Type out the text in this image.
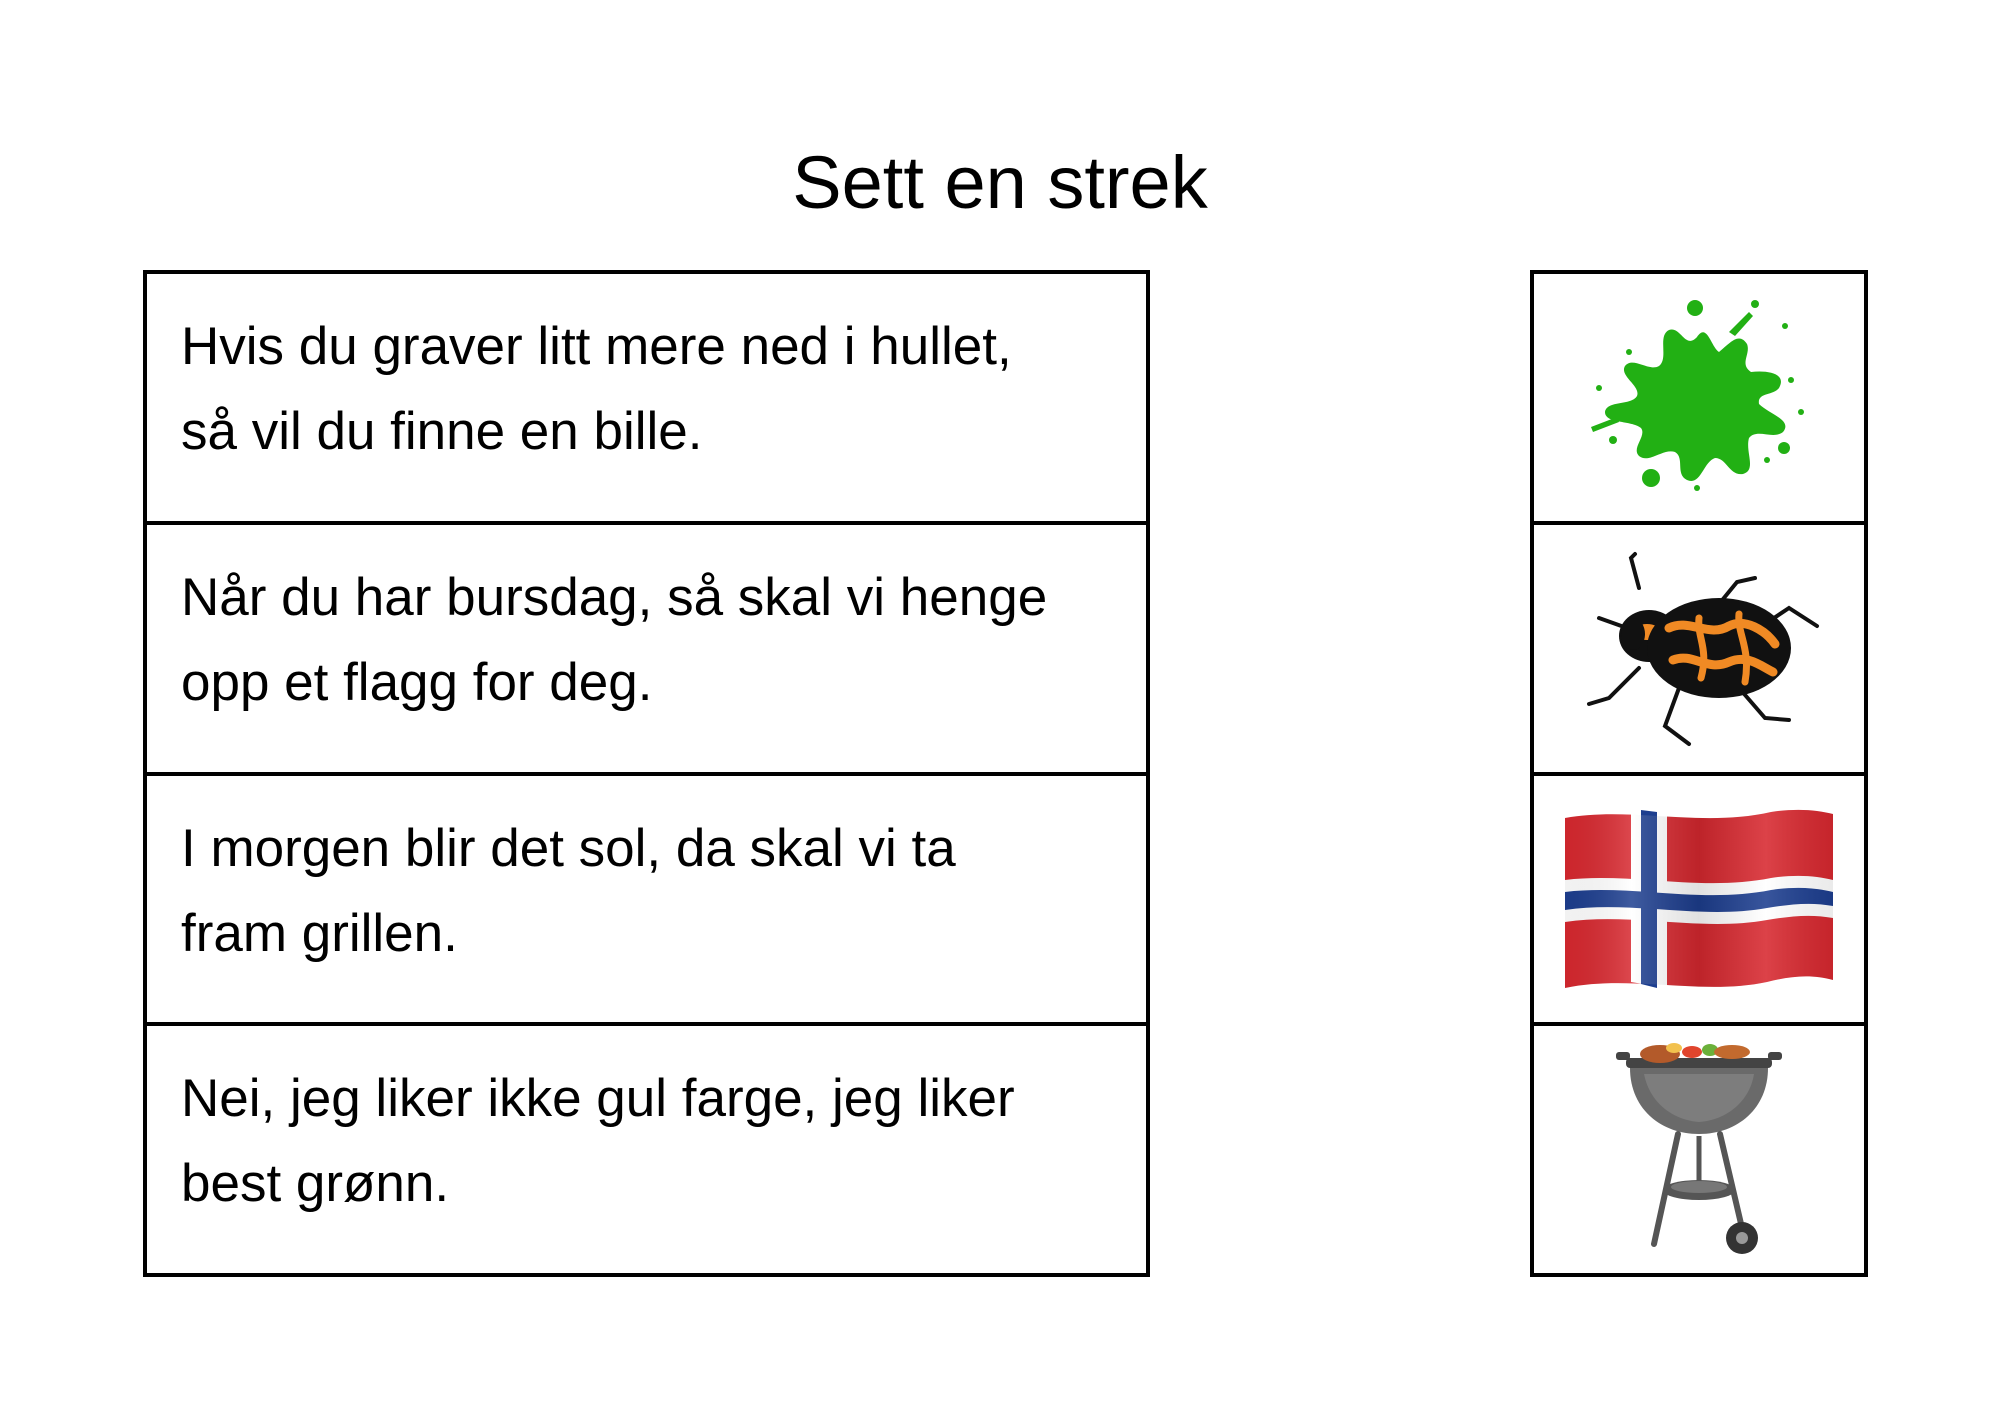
Sett en strek

Hvis du graver litt mere ned i hullet,
så vil du finne en bille.

Når du har bursdag, så skal vi henge
opp et flagg for deg.

I morgen blir det sol, da skal vi ta
fram grillen.

Nei, jeg liker ikke gul farge, jeg liker
best grønn.
